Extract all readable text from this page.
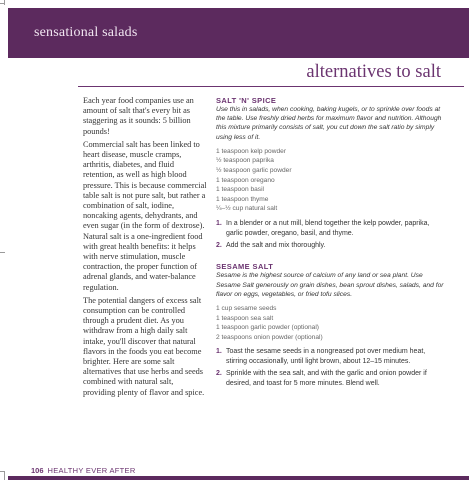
sensational salads
alternatives to salt

Each year food companies use an amount of salt that's every bit as staggering as it sounds: 5 billion pounds!

Commercial salt has been linked to heart disease, muscle cramps, arthritis, diabetes, and fluid retention, as well as high blood pressure. This is because commercial table salt is not pure salt, but rather a combination of salt, iodine, noncaking agents, dehydrants, and even sugar (in the form of dextrose). Natural salt is a one-ingredient food with great health benefits: it helps with nerve stimulation, muscle contraction, the proper function of adrenal glands, and water-balance regulation.

The potential dangers of excess salt consumption can be controlled through a prudent diet. As you withdraw from a high daily salt intake, you'll discover that natural flavors in the foods you eat become brighter. Here are some salt alternatives that use herbs and seeds combined with natural salt, providing plenty of flavor and spice.

SALT 'N' SPICE

Use this in salads, when cooking, baking kugels, or to sprinkle over foods at the table. Use freshly dried herbs for maximum flavor and nutrition. Although this mixture primarily consists of salt, you cut down the salt ratio by simply using less of it.

1 teaspoon kelp powder
½ teaspoon paprika
½ teaspoon garlic powder
1 teaspoon oregano
1 teaspoon basil
1 teaspoon thyme
¼–½ cup natural salt
1. In a blender or a nut mill, blend together the kelp powder, paprika, garlic powder, oregano, basil, and thyme.
2. Add the salt and mix thoroughly.
SESAME SALT

Sesame is the highest source of calcium of any land or sea plant. Use Sesame Salt generously on grain dishes, bean sprout dishes, salads, and for flavor on eggs, vegetables, or fried tofu slices.

1 cup sesame seeds
1 teaspoon sea salt
1 teaspoon garlic powder (optional)
2 teaspoons onion powder (optional)
1. Toast the sesame seeds in a nongreased pot over medium heat, stirring occasionally, until light brown, about 12–15 minutes.
2. Sprinkle with the sea salt, and with the garlic and onion powder if desired, and toast for 5 more minutes. Blend well.
106 HEALTHY EVER AFTER
